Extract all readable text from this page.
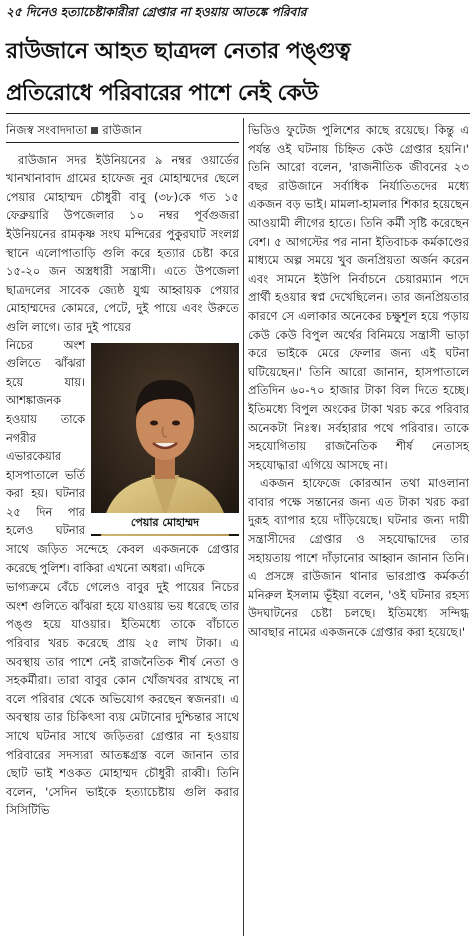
২৫ দিনেও হত্যাচেষ্টাকারীরা গ্রেপ্তার না হওয়ায় আতঙ্কে পরিবার
রাউজানে আহত ছাত্রদল নেতার পঙ্গুত্ব
প্রতিরোধে পরিবারের পাশে নেই কেউ

নিজস্ব সংবাদদাতা রাউজান

রাউজান সদর ইউনিয়নের ৯ নম্বর ওয়ার্ডের খানখানাবাদ গ্রামের হাফেজ নুর মোহাম্মদের ছেলে পেয়ার মোহাম্মদ চৌধুরী বাবু (৩৮)কে গত ১৫ ফেব্রুয়ারি উপজেলার ১০ নম্বর পূর্বগুজরা ইউনিয়নের রামকৃষ্ণ সংঘ মন্দিরের পুকুরঘাট সংলগ্ন স্থানে এলোপাতাড়ি গুলি করে হত্যার চেষ্টা করে ১৫-২০ জন অস্ত্রধারী সন্ত্রাসী। এতে উপজেলা ছাত্রদলের সাবেক জ্যেষ্ঠ যুগ্ম আহ্বায়ক পেয়ার মোহাম্মদের কোমরে, পেটে, দুই পায়ে এবং উরুতে গুলি লাগে। তার দুই পায়ের

পেয়ার মোহাম্মদ

নিচের অংশ গুলিতে ঝাঁঝরা হয়ে যায়। আশঙ্কাজনক হওয়ায় তাকে নগরীর এভারকেয়ার হাসপাতালে ভর্তি করা হয়। ঘটনার ২৫ দিন পার হলেও ঘটনার সাথে জড়িত সন্দেহে কেবল একজনকে গ্রেপ্তার করেছে পুলিশ। বাকিরা এখনো অধরা। এদিকে

ভাগ্যক্রমে বেঁচে গেলেও বাবুর দুই পায়ের নিচের অংশ গুলিতে ঝাঁঝরা হয়ে যাওয়ায় ভয় ধরেছে তার পঙ্গু হয়ে যাওয়ার। ইতিমধ্যে তাকে বাঁচাতে পরিবার খরচ করেছে প্রায় ২৫ লাখ টাকা। এ অবস্থায় তার পাশে নেই রাজনৈতিক শীর্ষ নেতা ও সহকর্মীরা। তারা বাবুর কোন খোঁজখবর রাখছে না বলে পরিবার থেকে অভিযোগ করছেন স্বজনরা। এ অবস্থায় তার চিকিৎসা ব্যয় মেটানোর দুশ্চিন্তার সাথে সাথে ঘটনার সাথে জড়িতরা গ্রেপ্তার না হওয়ায় পরিবারের সদস্যরা আতঙ্কগ্রস্ত বলে জানান তার ছোট ভাই শওকত মোহাম্মদ চৌধুরী রাব্বী। তিনি বলেন, 'সেদিন ভাইকে হত্যাচেষ্টায় গুলি করার সিসিটিভি

ভিডিও ফুটেজ পুলিশের কাছে রয়েছে। কিন্তু এ পর্যন্ত ওই ঘটনায় চিহ্নিত কেউ গ্রেপ্তার হয়নি।' তিনি আরো বলেন, 'রাজনীতিক জীবনের ২৩ বছর রাউজানে সর্বাধিক নির্যাতিতদের মধ্যে একজন বড় ভাই। মামলা-হামলার শিকার হয়েছেন আওয়ামী লীগের হাতে। তিনি কর্মী সৃষ্টি করেছেন বেশ। ৫ আগস্টের পর নানা ইতিবাচক কর্মকাণ্ডের মাধ্যমে অল্প সময়ে খুব জনপ্রিয়তা অর্জন করেন এবং সামনে ইউপি নির্বাচনে চেয়ারম্যান পদে প্রার্থী হওয়ার স্বপ্ন দেখেছিলেন। তার জনপ্রিয়তার কারণে সে এলাকার অনেকের চক্ষুশূল হয়ে পড়ায় কেউ কেউ বিপুল অর্থের বিনিময়ে সন্ত্রাসী ভাড়া করে ভাইকে মেরে ফেলার জন্য এই ঘটনা ঘটিয়েছেন।' তিনি আরো জানান, হাসপাতালে প্রতিদিন ৬০-৭০ হাজার টাকা বিল দিতে হচ্ছে। ইতিমধ্যে বিপুল অংকের টাকা খরচ করে পরিবার অনেকটা নিঃস্ব। সর্বহারার পথে পরিবার। তাকে সহযোগিতায় রাজনৈতিক শীর্ষ নেতাসহ সহযোদ্ধারা এগিয়ে আসছে না।

একজন হাফেজে কোরআন তথা মাওলানা বাবার পক্ষে সন্তানের জন্য এত টাকা খরচ করা দুরূহ ব্যাপার হয়ে দাঁড়িয়েছে। ঘটনার জন্য দায়ী সন্ত্রাসীদের গ্রেপ্তার ও সহযোদ্ধাদের তার সহায়তায় পাশে দাঁড়ানোর আহ্বান জানান তিনি। এ প্রসঙ্গে রাউজান থানার ভারপ্রাপ্ত কর্মকর্তা মনিরুল ইসলাম ভূঁইয়া বলেন, 'ওই ঘটনার রহস্য উদঘাটনের চেষ্টা চলছে। ইতিমধ্যে সন্দিগ্ধ আবছার নামের একজনকে গ্রেপ্তার করা হয়েছে।'
